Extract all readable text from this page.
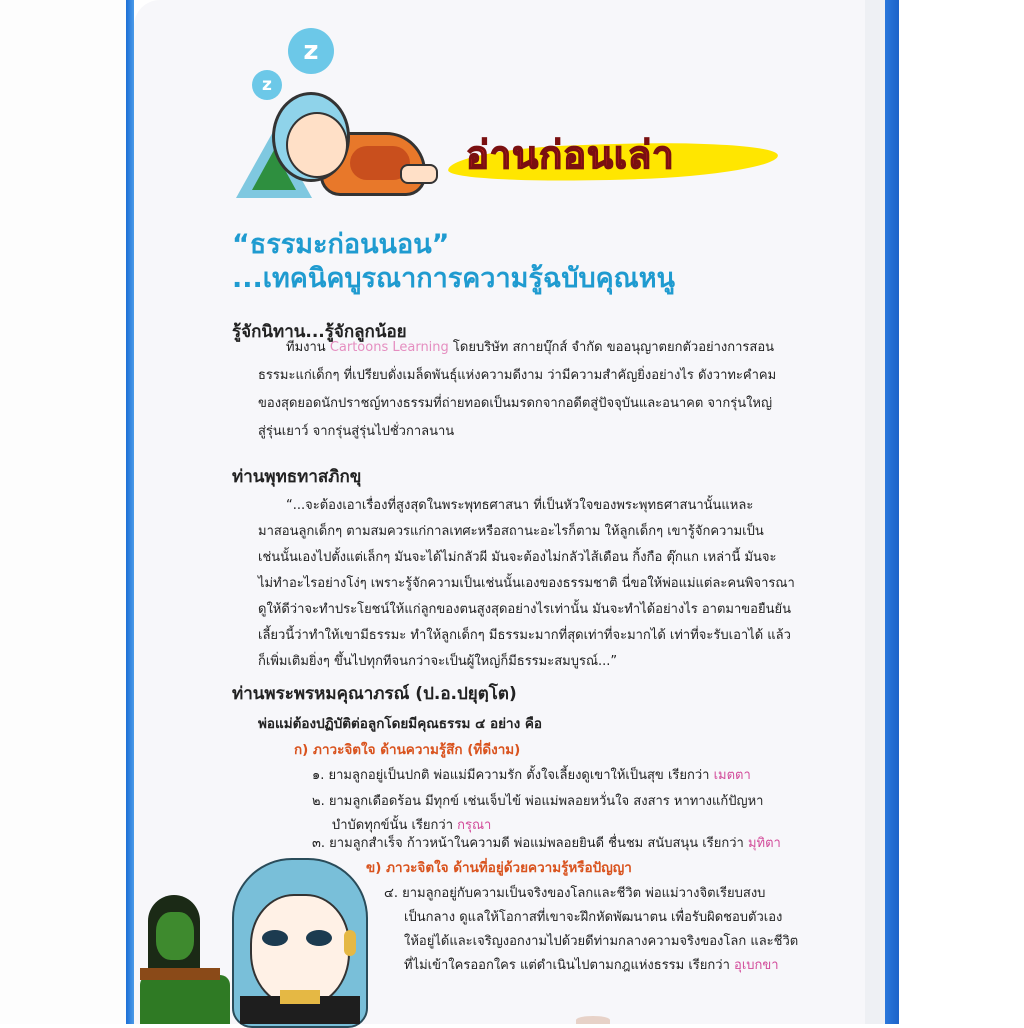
z
z
อ่านก่อนเล่า
“ธรรมะก่อนนอน”
...เทคนิคบูรณาการความรู้ฉบับคุณหนู
รู้จักนิทาน...รู้จักลูกน้อย
ทีมงาน Cartoons Learning โดยบริษัท สกายบุ๊กส์ จำกัด ขออนุญาตยกตัวอย่างการสอน
ธรรมะแก่เด็กๆ ที่เปรียบดั่งเมล็ดพันธุ์แห่งความดีงาม ว่ามีความสำคัญยิ่งอย่างไร ดังวาทะคำคม
ของสุดยอดนักปราชญ์ทางธรรมที่ถ่ายทอดเป็นมรดกจากอดีตสู่ปัจจุบันและอนาคต จากรุ่นใหญ่
สู่รุ่นเยาว์ จากรุ่นสู่รุ่นไปชั่วกาลนาน
ท่านพุทธทาสภิกขุ
“...จะต้องเอาเรื่องที่สูงสุดในพระพุทธศาสนา ที่เป็นหัวใจของพระพุทธศาสนานั้นแหละ
มาสอนลูกเด็กๆ ตามสมควรแก่กาลเทศะหรือสถานะอะไรก็ตาม ให้ลูกเด็กๆ เขารู้จักความเป็น
เช่นนั้นเองไปตั้งแต่เล็กๆ มันจะได้ไม่กลัวผี มันจะต้องไม่กลัวไส้เดือน กิ้งกือ ตุ๊กแก เหล่านี้ มันจะ
ไม่ทำอะไรอย่างโง่ๆ เพราะรู้จักความเป็นเช่นนั้นเองของธรรมชาติ นี่ขอให้พ่อแม่แต่ละคนพิจารณา
ดูให้ดีว่าจะทำประโยชน์ให้แก่ลูกของตนสูงสุดอย่างไรเท่านั้น มันจะทำได้อย่างไร อาตมาขอยืนยัน
เลี้ยวนี้ว่าทำให้เขามีธรรมะ ทำให้ลูกเด็กๆ มีธรรมะมากที่สุดเท่าที่จะมากได้ เท่าที่จะรับเอาได้ แล้ว
ก็เพิ่มเติมยิ่งๆ ขึ้นไปทุกทีจนกว่าจะเป็นผู้ใหญ่ก็มีธรรมะสมบูรณ์...”
ท่านพระพรหมคุณาภรณ์ (ป.อ.ปยุตฺโต)
พ่อแม่ต้องปฏิบัติต่อลูกโดยมีคุณธรรม ๔ อย่าง คือ
ก) ภาวะจิตใจ ด้านความรู้สึก (ที่ดีงาม)
๑. ยามลูกอยู่เป็นปกติ พ่อแม่มีความรัก ตั้งใจเลี้ยงดูเขาให้เป็นสุข เรียกว่า เมตตา
๒. ยามลูกเดือดร้อน มีทุกข์ เช่นเจ็บไข้ พ่อแม่พลอยหวั่นใจ สงสาร หาทางแก้ปัญหา
บำบัดทุกข์นั้น เรียกว่า กรุณา
๓. ยามลูกสำเร็จ ก้าวหน้าในความดี พ่อแม่พลอยยินดี ชื่นชม สนับสนุน เรียกว่า มุทิตา
ข) ภาวะจิตใจ ด้านที่อยู่ด้วยความรู้หรือปัญญา
๔. ยามลูกอยู่กับความเป็นจริงของโลกและชีวิต พ่อแม่วางจิตเรียบสงบ
เป็นกลาง ดูแลให้โอกาสที่เขาจะฝึกหัดพัฒนาตน เพื่อรับผิดชอบตัวเอง
ให้อยู่ได้และเจริญงอกงามไปด้วยดีท่ามกลางความจริงของโลก และชีวิต
ที่ไม่เข้าใครออกใคร แต่ดำเนินไปตามกฎแห่งธรรม เรียกว่า อุเบกขา
